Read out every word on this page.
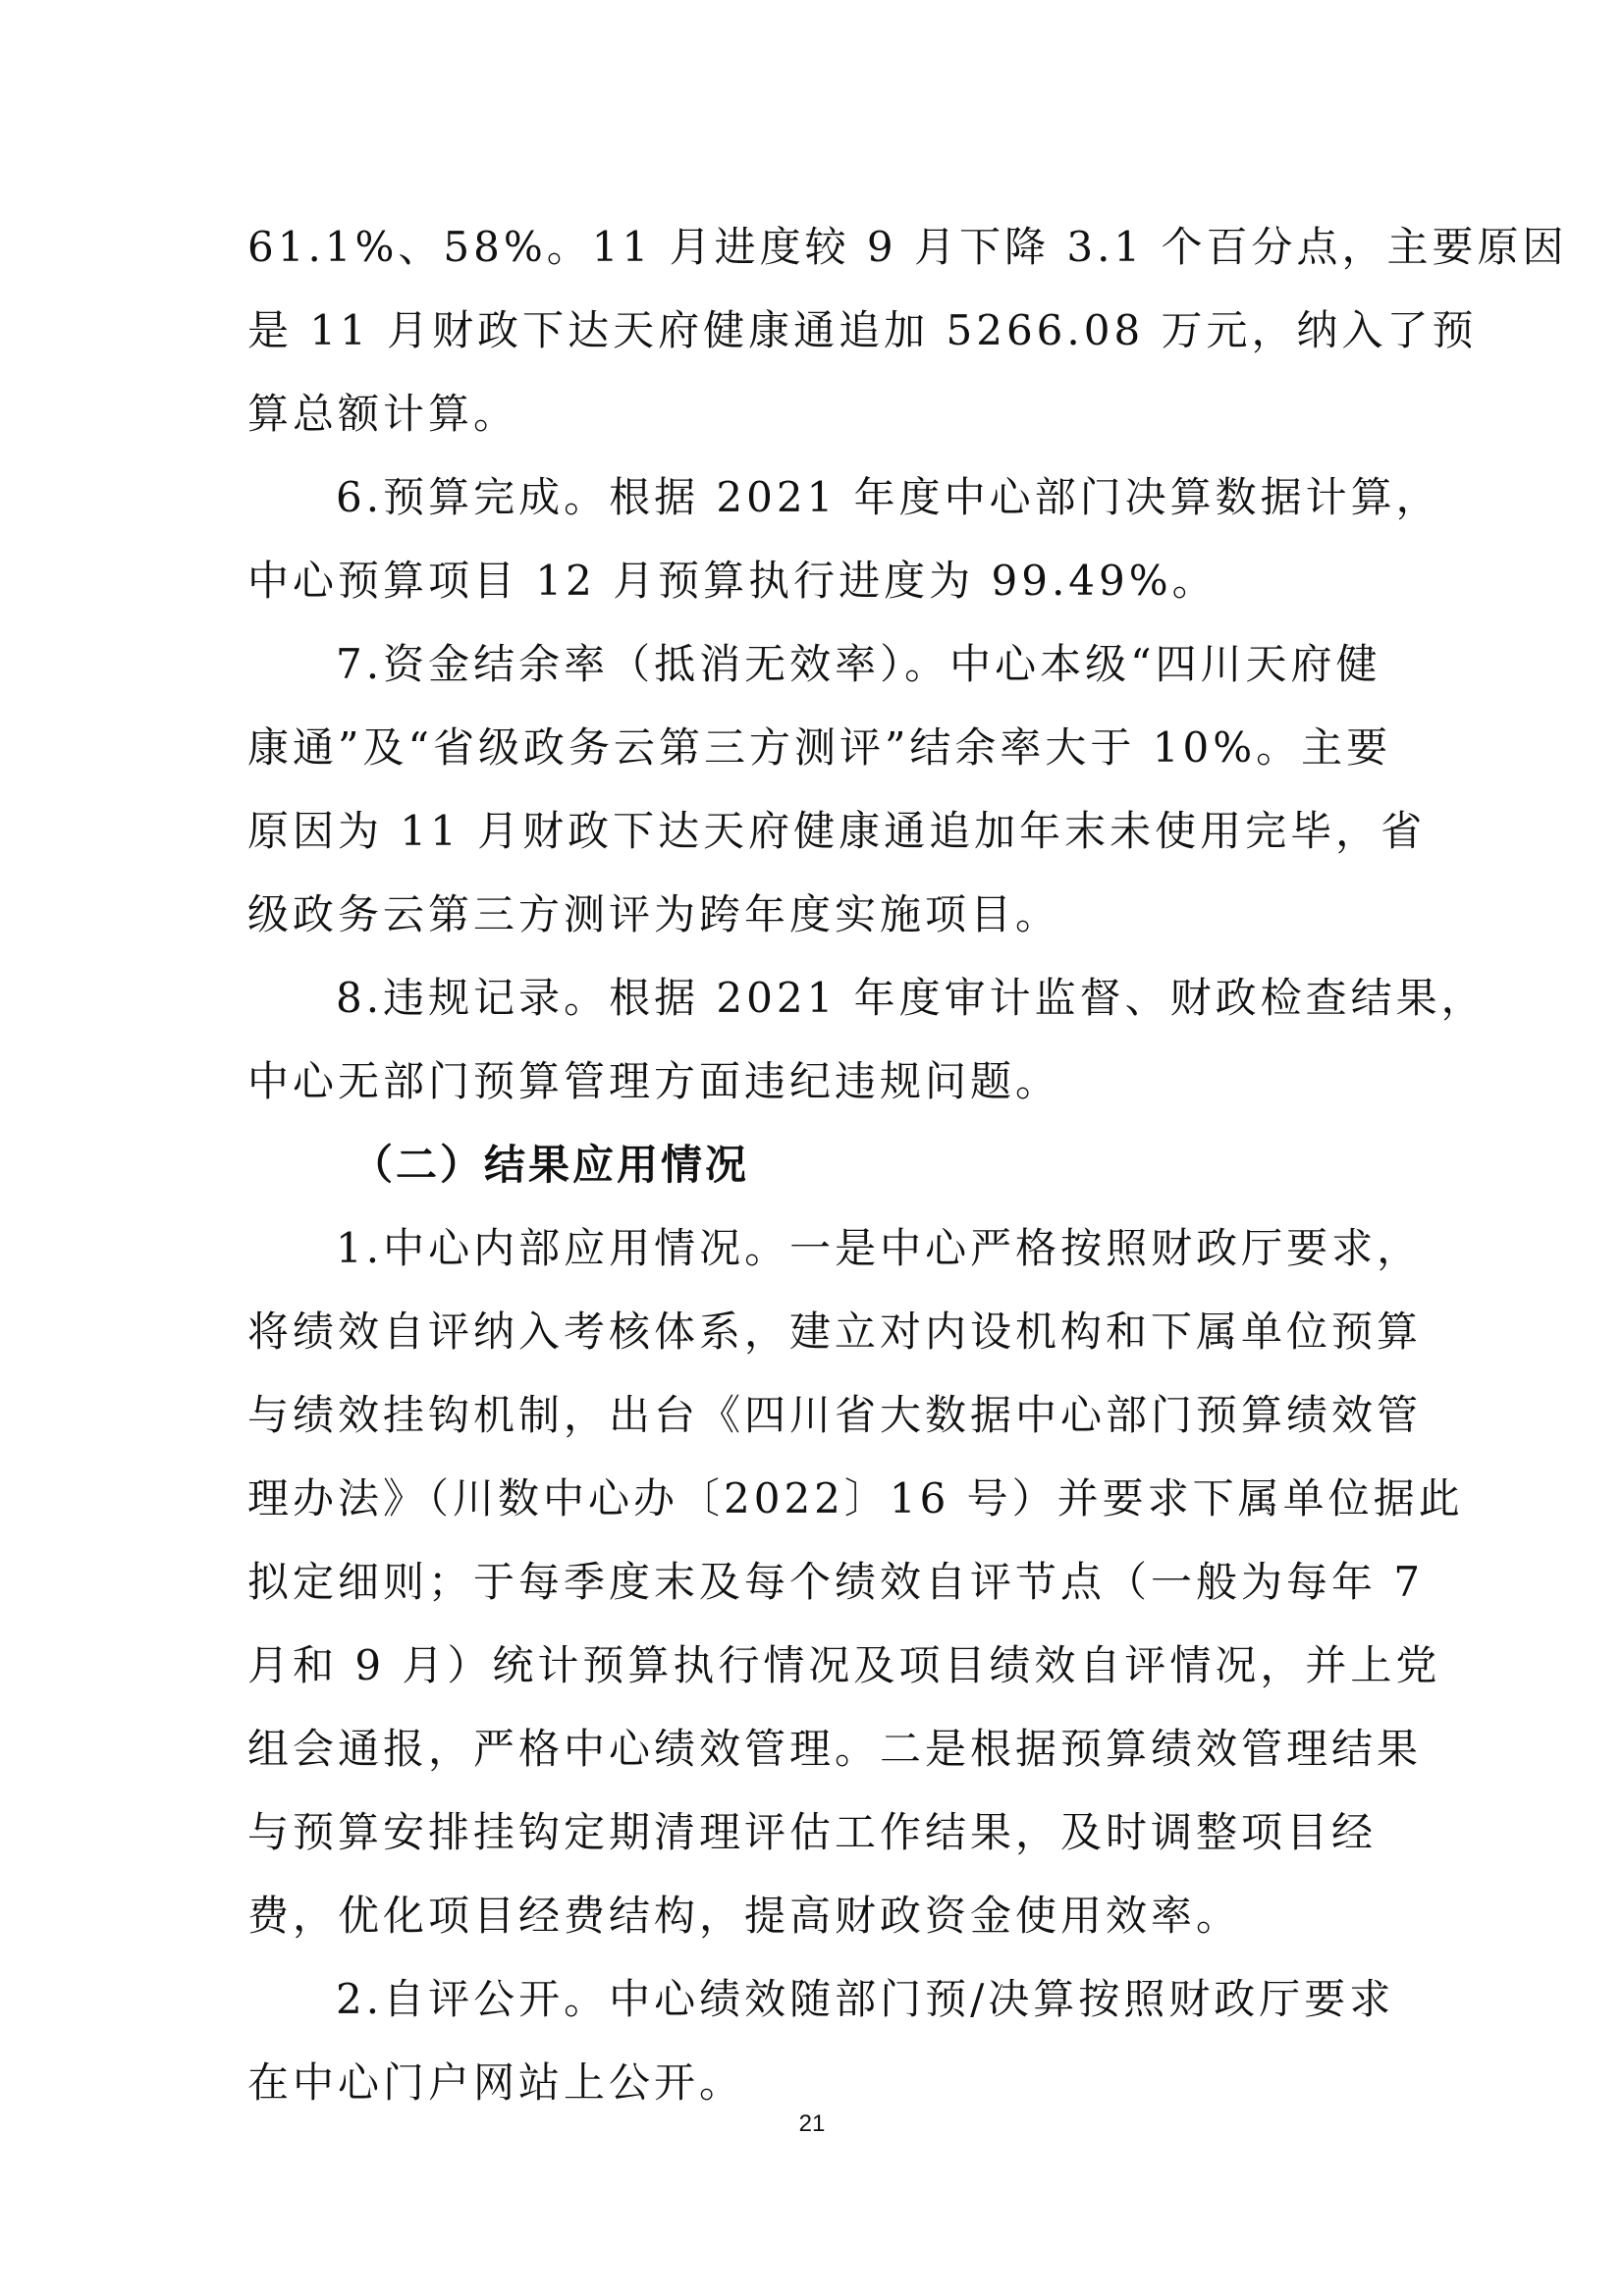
61.1%、58%。11 月进度较 9 月下降 3.1 个百分点，主要原因
是 11 月财政下达天府健康通追加 5266.08 万元，纳入了预
算总额计算。
6.预算完成。根据 2021 年度中心部门决算数据计算，
中心预算项目 12 月预算执行进度为 99.49%。
7.资金结余率（抵消无效率）。中心本级“四川天府健
康通”及“省级政务云第三方测评”结余率大于 10%。主要
原因为 11 月财政下达天府健康通追加年末未使用完毕，省
级政务云第三方测评为跨年度实施项目。
8.违规记录。根据 2021 年度审计监督、财政检查结果，
中心无部门预算管理方面违纪违规问题。
（二）结果应用情况
1.中心内部应用情况。一是中心严格按照财政厅要求，
将绩效自评纳入考核体系，建立对内设机构和下属单位预算
与绩效挂钩机制，出台《四川省大数据中心部门预算绩效管
理办法》（川数中心办〔2022〕16 号）并要求下属单位据此
拟定细则；于每季度末及每个绩效自评节点（一般为每年 7
月和 9 月）统计预算执行情况及项目绩效自评情况，并上党
组会通报，严格中心绩效管理。二是根据预算绩效管理结果
与预算安排挂钩定期清理评估工作结果，及时调整项目经
费，优化项目经费结构，提高财政资金使用效率。
2.自评公开。中心绩效随部门预/决算按照财政厅要求
在中心门户网站上公开。
21
